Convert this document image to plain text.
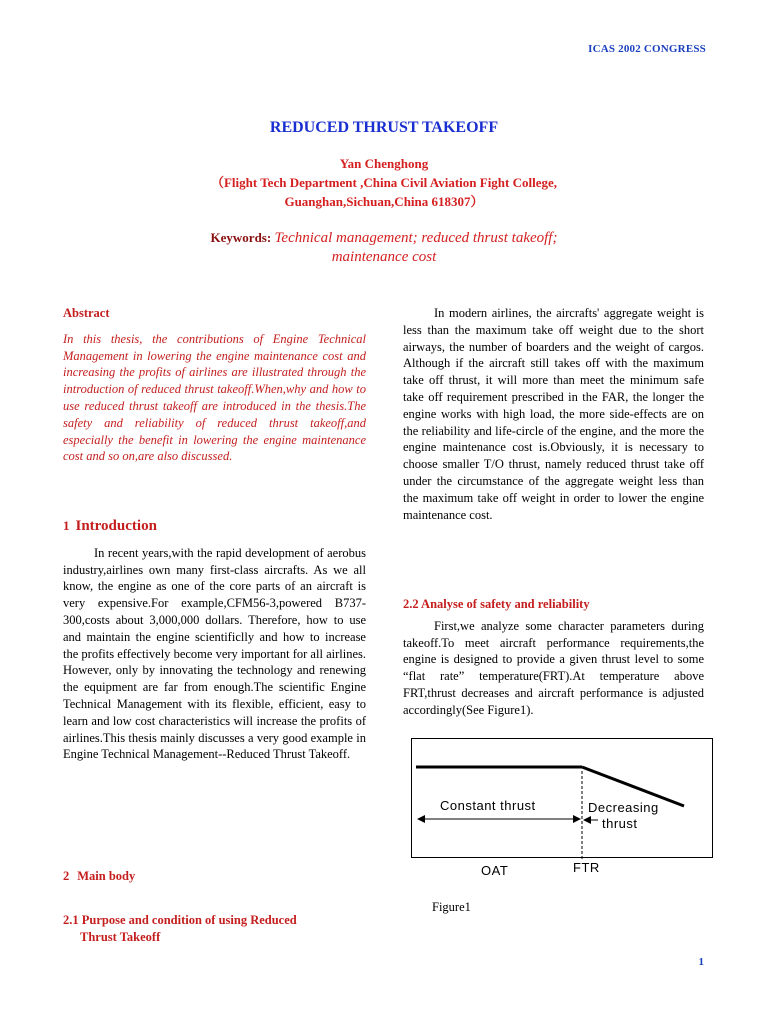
ICAS 2002 CONGRESS
REDUCED THRUST TAKEOFF
Yan Chenghong
（Flight Tech Department ,China Civil Aviation Fight College,
Guanghan,Sichuan,China 618307）
Keywords: Technical management; reduced thrust takeoff;
maintenance cost
Abstract

In this thesis, the contributions of Engine Technical Management in lowering the engine maintenance cost and increasing the profits of airlines are illustrated through the introduction of reduced thrust takeoff.When,why and how to use reduced thrust takeoff are introduced in the thesis.The safety and reliability of reduced thrust takeoff,and especially the benefit in lowering the engine maintenance cost and so on,are also discussed.

1 Introduction

In recent years,with the rapid development of aerobus industry,airlines own many first-class aircrafts. As we all know, the engine as one of the core parts of an aircraft is very expensive.For example,CFM56-3,powered B737-300,costs about 3,000,000 dollars. Therefore, how to use and maintain the engine scientificlly and how to increase the profits effectively become very important for all airlines. However, only by innovating the technology and renewing the equipment are far from enough.The scientific Engine Technical Management with its flexible, efficient, easy to learn and low cost characteristics will increase the profits of airlines.This thesis mainly discusses a very good example in Engine Technical Management--Reduced Thrust Takeoff.

2 Main body
2.1 Purpose and condition of using Reduced
Thrust Takeoff

In modern airlines, the aircrafts' aggregate weight is less than the maximum take off weight due to the short airways, the number of boarders and the weight of cargos. Although if the aircraft still takes off with the maximum take off thrust, it will more than meet the minimum safe take off requirement prescribed in the FAR, the longer the engine works with high load, the more side-effects are on the reliability and life-circle of the engine, and the more the engine maintenance cost is.Obviously, it is necessary to choose smaller T/O thrust, namely reduced thrust take off under the circumstance of the aggregate weight less than the maximum take off weight in order to lower the engine maintenance cost.

2.2 Analyse of safety and reliability

First,we analyze some character parameters during takeoff.To meet aircraft performance requirements,the engine is designed to provide a given thrust level to some “flat rate” temperature(FRT).At temperature above FRT,thrust decreases and aircraft performance is adjusted accordingly(See Figure1).

Constant thrust	Decreasing
thrust
OAT	FTR
Figure1
1
